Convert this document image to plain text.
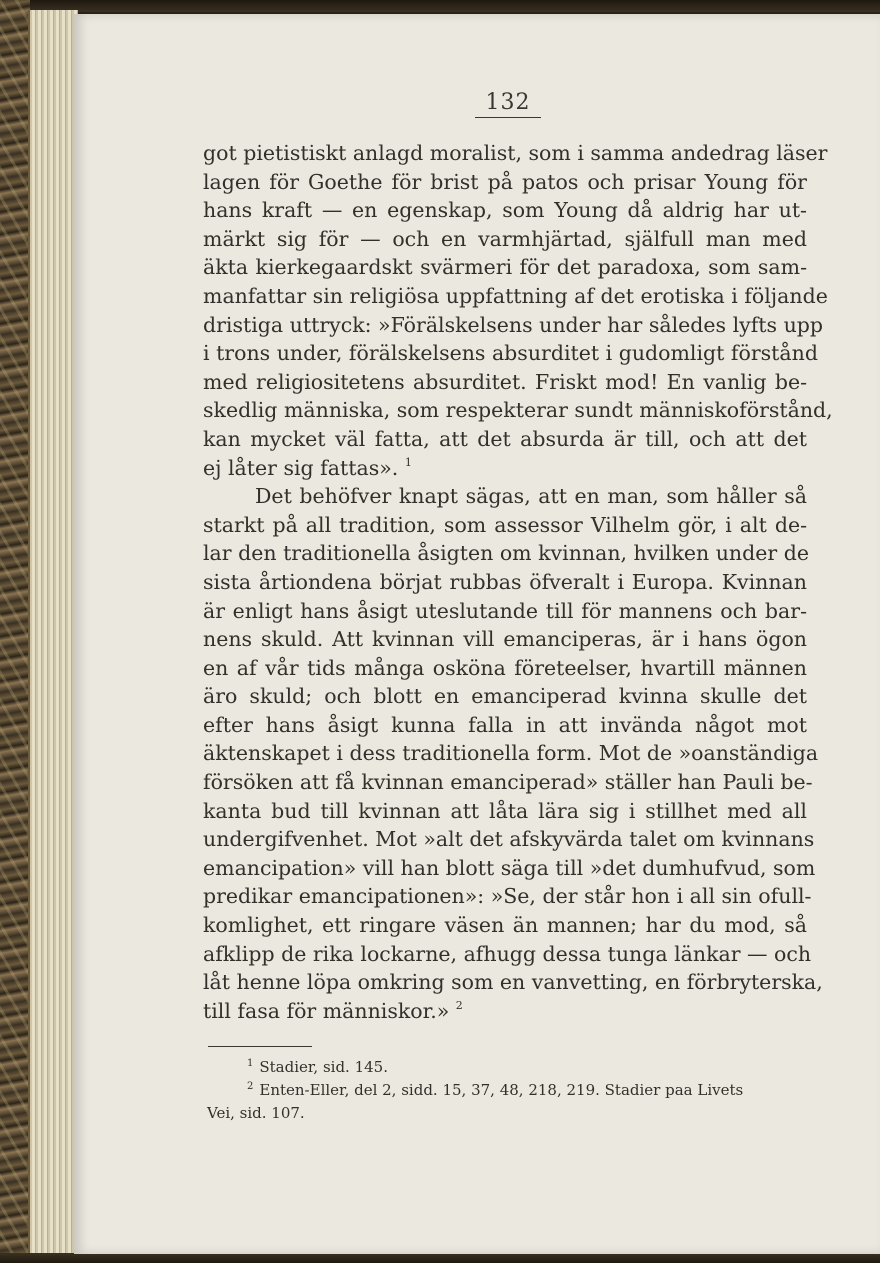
132
got pietistiskt anlagd moralist, som i samma andedrag läser
lagen för Goethe för brist på patos och prisar Young för
hans kraft — en egenskap, som Young då aldrig har ut-
märkt sig för — och en varmhjärtad, själfull man med
äkta kierkegaardskt svärmeri för det paradoxa, som sam-
manfattar sin religiösa uppfattning af det erotiska i följande
dristiga uttryck: »Förälskelsens under har således lyfts upp
i trons under, förälskelsens absurditet i gudomligt förstånd
med religiositetens absurditet. Friskt mod! En vanlig be-
skedlig människa, som respekterar sundt människoförstånd,
kan mycket väl fatta, att det absurda är till, och att det
ej låter sig fattas». $^1$
Det behöfver knapt sägas, att en man, som håller så
starkt på all tradition, som assessor Vilhelm gör, i alt de-
lar den traditionella åsigten om kvinnan, hvilken under de
sista årtiondena börjat rubbas öfveralt i Europa. Kvinnan
är enligt hans åsigt uteslutande till för mannens och bar-
nens skuld. Att kvinnan vill emanciperas, är i hans ögon
en af vår tids många osköna företeelser, hvartill männen
äro skuld; och blott en emanciperad kvinna skulle det
efter hans åsigt kunna falla in att invända något mot
äktenskapet i dess traditionella form. Mot de »oanständiga
försöken att få kvinnan emanciperad» ställer han Pauli be-
kanta bud till kvinnan att låta lära sig i stillhet med all
undergifvenhet. Mot »alt det afskyvärda talet om kvinnans
emancipation» vill han blott säga till »det dumhufvud, som
predikar emancipationen»: »Se, der står hon i all sin ofull-
komlighet, ett ringare väsen än mannen; har du mod, så
afklipp de rika lockarne, afhugg dessa tunga länkar — och
låt henne löpa omkring som en vanvetting, en förbryterska,
till fasa för människor.» $^2$
$^1$ Stadier, sid. 145.
$^2$ Enten-Eller, del 2, sidd. 15, 37, 48, 218, 219. Stadier paa Livets
Vei, sid. 107.
